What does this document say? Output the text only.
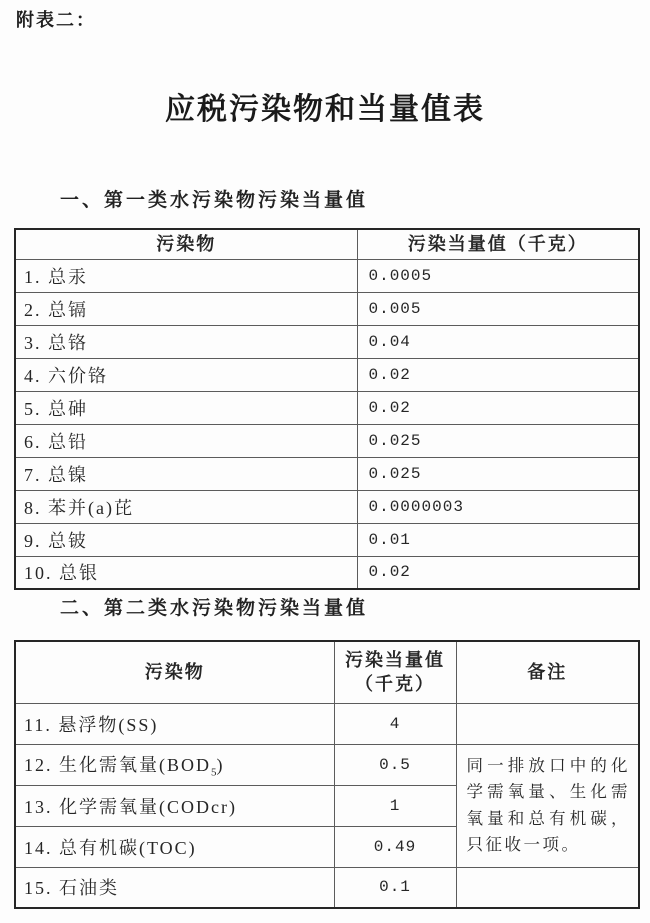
附表二：
应税污染物和当量值表
一、第一类水污染物污染当量值
污染物	污染当量值（千克）
1. 总汞	0.0005
2. 总镉	0.005
3. 总铬	0.04
4. 六价铬	0.02
5. 总砷	0.02
6. 总铅	0.025
7. 总镍	0.025
8. 苯并(a)芘	0.0000003
9. 总铍	0.01
10. 总银	0.02
二、第二类水污染物污染当量值
污染物	污染当量值（千克）	备注
11. 悬浮物(SS)	4	
12. 生化需氧量$(BOD_5)$	0.5	同一排放口中的化学需氧量、生化需氧量和总有机碳，只征收一项。
13. 化学需氧量(CODcr)	1	
14. 总有机碳(TOC)	0.49	
15. 石油类	0.1	
